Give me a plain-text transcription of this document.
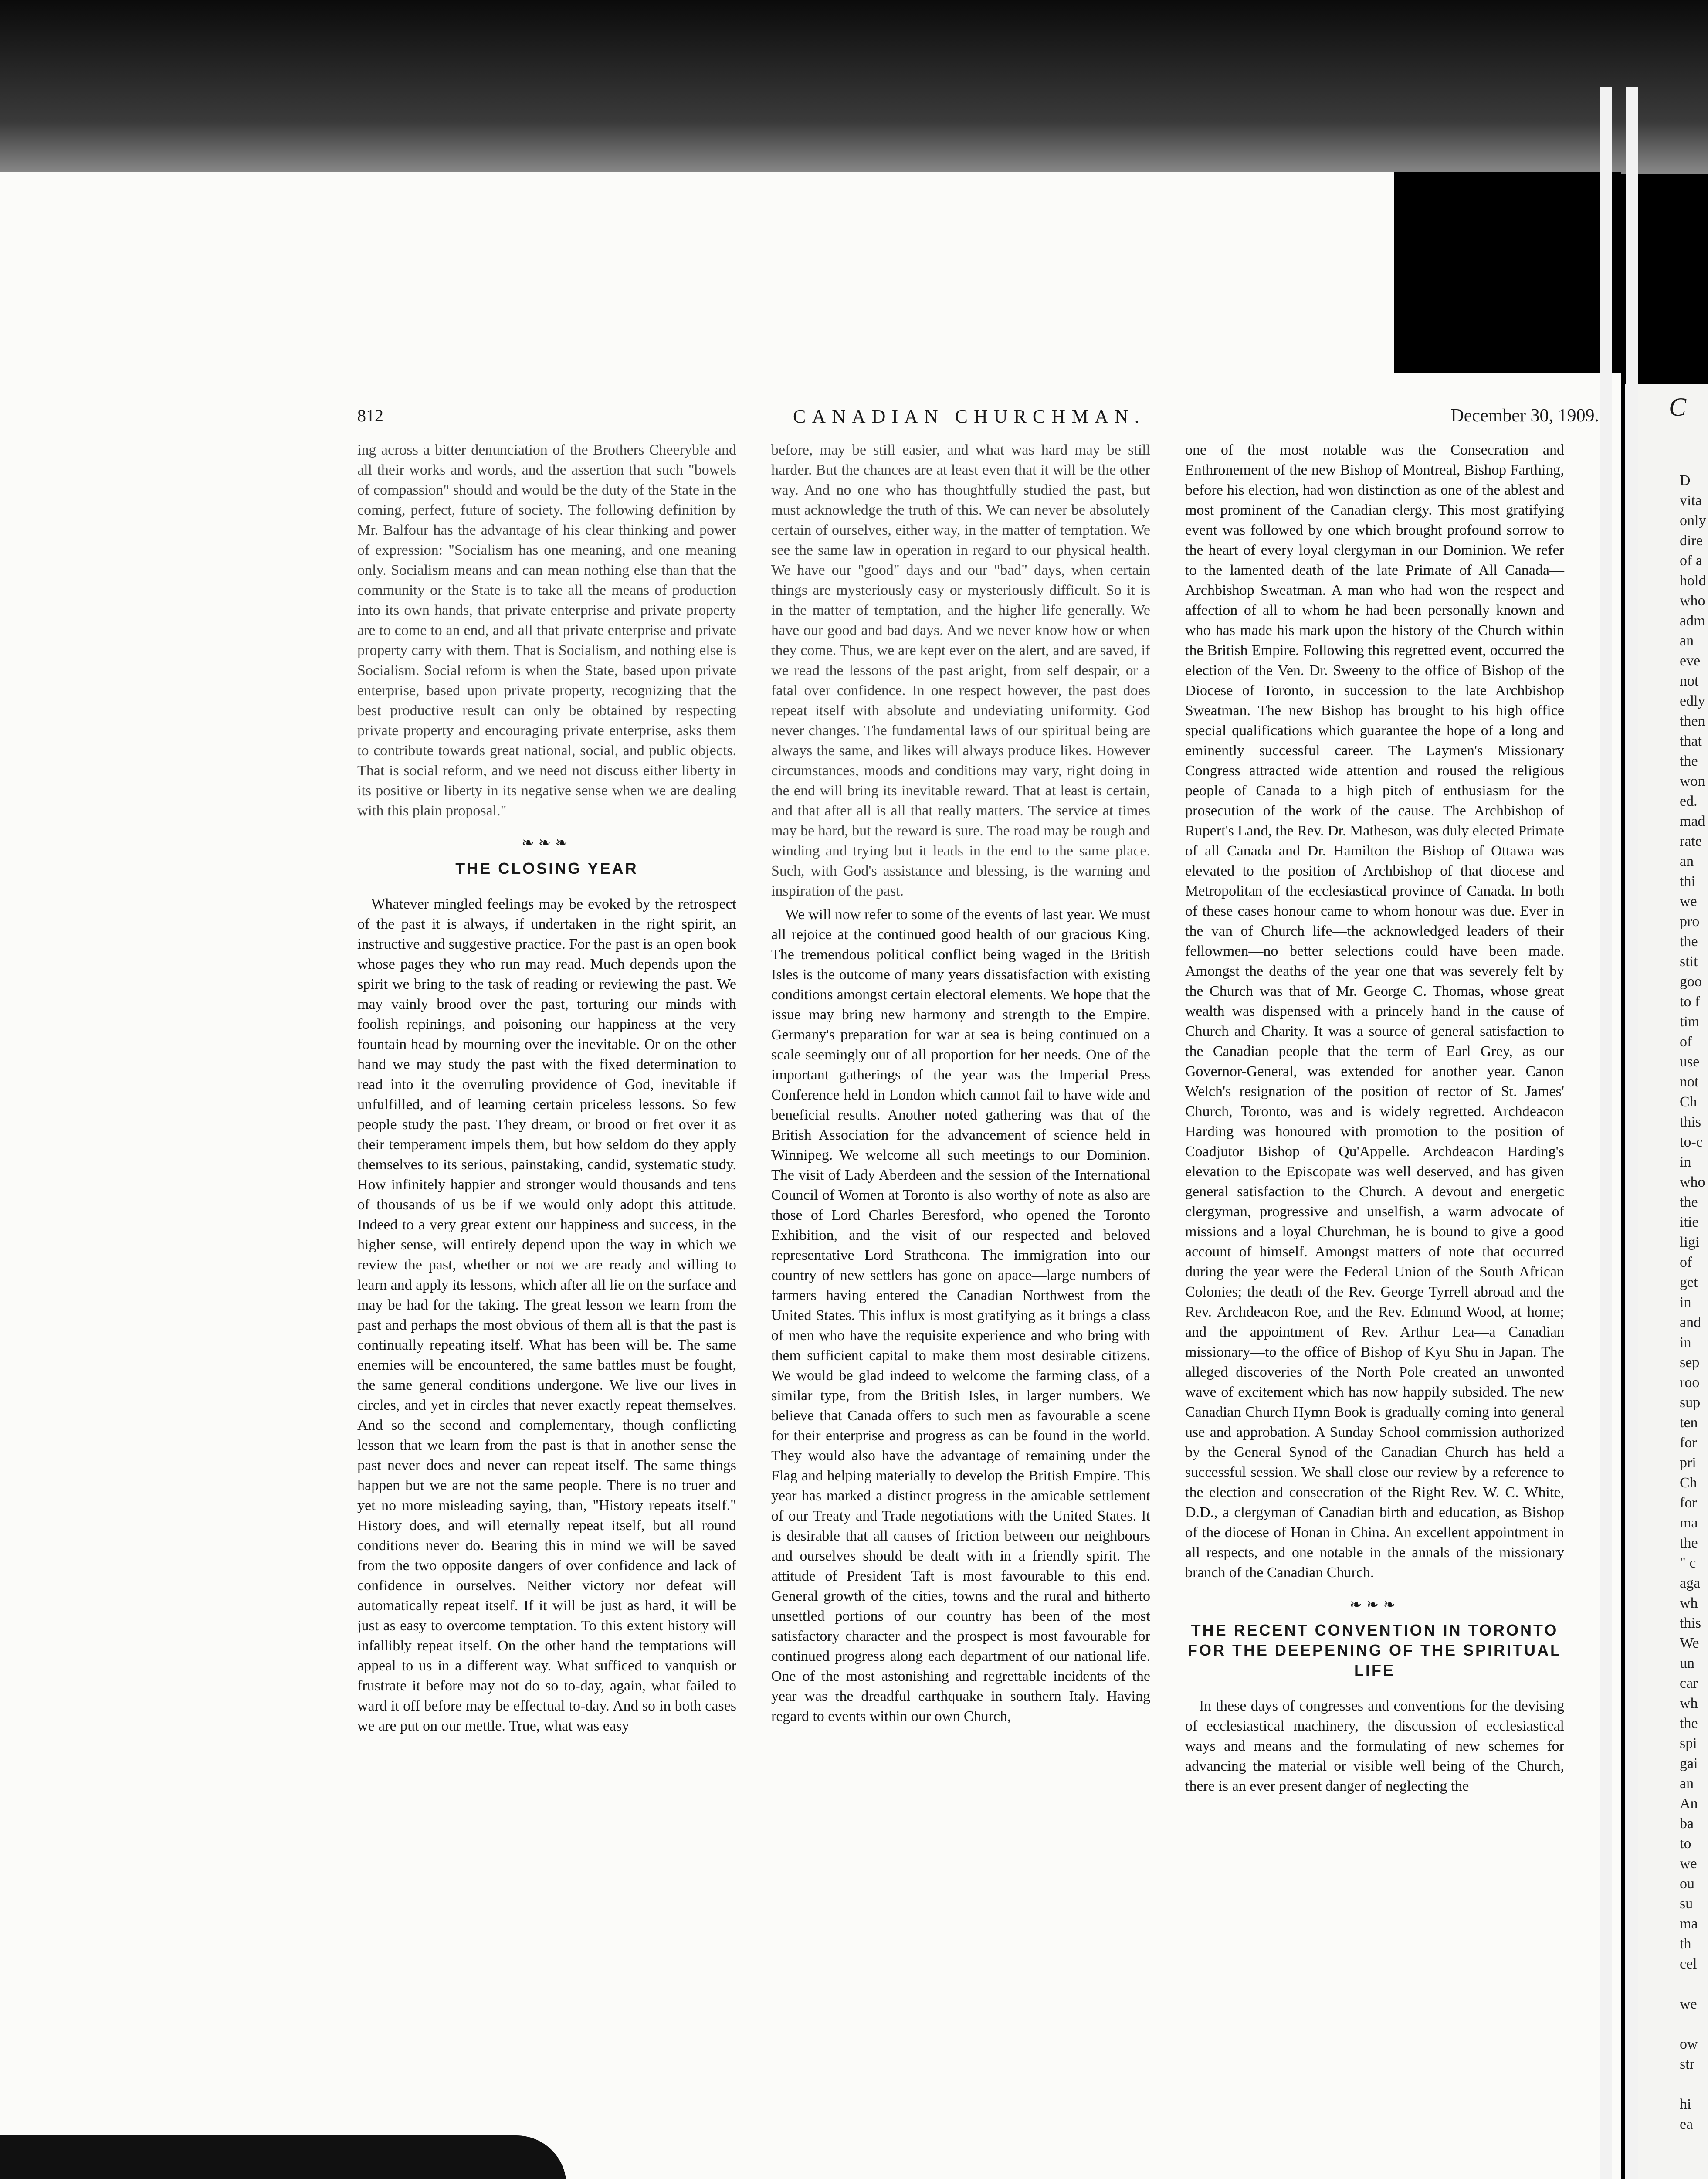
812	CANADIAN CHURCHMAN.	December 30, 1909.

ing across a bitter denunciation of the Brothers Cheeryble and all their works and words, and the assertion that such "bowels of compassion" should and would be the duty of the State in the coming, perfect, future of society. The following definition by Mr. Balfour has the advantage of his clear thinking and power of expression: "Socialism has one meaning, and one meaning only. Socialism means and can mean nothing else than that the community or the State is to take all the means of production into its own hands, that private enterprise and private property are to come to an end, and all that private enterprise and private property carry with them. That is Socialism, and nothing else is Socialism. Social reform is when the State, based upon private enterprise, based upon private property, recognizing that the best productive result can only be obtained by respecting private property and encouraging private enterprise, asks them to contribute towards great national, social, and public objects. That is social reform, and we need not discuss either liberty in its positive or liberty in its negative sense when we are dealing with this plain proposal."

❧❧❧
THE CLOSING YEAR

Whatever mingled feelings may be evoked by the retrospect of the past it is always, if undertaken in the right spirit, an instructive and suggestive practice. For the past is an open book whose pages they who run may read. Much depends upon the spirit we bring to the task of reading or reviewing the past. We may vainly brood over the past, torturing our minds with foolish repinings, and poisoning our happiness at the very fountain head by mourning over the inevitable. Or on the other hand we may study the past with the fixed determination to read into it the overruling providence of God, inevitable if unfulfilled, and of learning certain priceless lessons. So few people study the past. They dream, or brood or fret over it as their temperament impels them, but how seldom do they apply themselves to its serious, painstaking, candid, systematic study. How infinitely happier and stronger would thousands and tens of thousands of us be if we would only adopt this attitude. Indeed to a very great extent our happiness and success, in the higher sense, will entirely depend upon the way in which we review the past, whether or not we are ready and willing to learn and apply its lessons, which after all lie on the surface and may be had for the taking. The great lesson we learn from the past and perhaps the most obvious of them all is that the past is continually repeating itself. What has been will be. The same enemies will be encountered, the same battles must be fought, the same general conditions undergone. We live our lives in circles, and yet in circles that never exactly repeat themselves. And so the second and complementary, though conflicting lesson that we learn from the past is that in another sense the past never does and never can repeat itself. The same things happen but we are not the same people. There is no truer and yet no more misleading saying, than, "History repeats itself." History does, and will eternally repeat itself, but all round conditions never do. Bearing this in mind we will be saved from the two opposite dangers of over confidence and lack of confidence in ourselves. Neither victory nor defeat will automatically repeat itself. If it will be just as hard, it will be just as easy to overcome temptation. To this extent history will infallibly repeat itself. On the other hand the temptations will appeal to us in a different way. What sufficed to vanquish or frustrate it before may not do so to-day, again, what failed to ward it off before may be effectual to-day. And so in both cases we are put on our mettle. True, what was easy

before, may be still easier, and what was hard may be still harder. But the chances are at least even that it will be the other way. And no one who has thoughtfully studied the past, but must acknowledge the truth of this. We can never be absolutely certain of ourselves, either way, in the matter of temptation. We see the same law in operation in regard to our physical health. We have our "good" days and our "bad" days, when certain things are mysteriously easy or mysteriously difficult. So it is in the matter of temptation, and the higher life generally. We have our good and bad days. And we never know how or when they come. Thus, we are kept ever on the alert, and are saved, if we read the lessons of the past aright, from self despair, or a fatal over confidence. In one respect however, the past does repeat itself with absolute and undeviating uniformity. God never changes. The fundamental laws of our spiritual being are always the same, and likes will always produce likes. However circumstances, moods and conditions may vary, right doing in the end will bring its inevitable reward. That at least is certain, and that after all is all that really matters. The service at times may be hard, but the reward is sure. The road may be rough and winding and trying but it leads in the end to the same place. Such, with God's assistance and blessing, is the warning and inspiration of the past.

We will now refer to some of the events of last year. We must all rejoice at the continued good health of our gracious King. The tremendous political conflict being waged in the British Isles is the outcome of many years dissatisfaction with existing conditions amongst certain electoral elements. We hope that the issue may bring new harmony and strength to the Empire. Germany's preparation for war at sea is being continued on a scale seemingly out of all proportion for her needs. One of the important gatherings of the year was the Imperial Press Conference held in London which cannot fail to have wide and beneficial results. Another noted gathering was that of the British Association for the advancement of science held in Winnipeg. We welcome all such meetings to our Dominion. The visit of Lady Aberdeen and the session of the International Council of Women at Toronto is also worthy of note as also are those of Lord Charles Beresford, who opened the Toronto Exhibition, and the visit of our respected and beloved representative Lord Strathcona. The immigration into our country of new settlers has gone on apace—large numbers of farmers having entered the Canadian Northwest from the United States. This influx is most gratifying as it brings a class of men who have the requisite experience and who bring with them sufficient capital to make them most desirable citizens. We would be glad indeed to welcome the farming class, of a similar type, from the British Isles, in larger numbers. We believe that Canada offers to such men as favourable a scene for their enterprise and progress as can be found in the world. They would also have the advantage of remaining under the Flag and helping materially to develop the British Empire. This year has marked a distinct progress in the amicable settlement of our Treaty and Trade negotiations with the United States. It is desirable that all causes of friction between our neighbours and ourselves should be dealt with in a friendly spirit. The attitude of President Taft is most favourable to this end. General growth of the cities, towns and the rural and hitherto unsettled portions of our country has been of the most satisfactory character and the prospect is most favourable for continued progress along each department of our national life. One of the most astonishing and regrettable incidents of the year was the dreadful earthquake in southern Italy. Having regard to events within our own Church,

one of the most notable was the Consecration and Enthronement of the new Bishop of Montreal, Bishop Farthing, before his election, had won distinction as one of the ablest and most prominent of the Canadian clergy. This most gratifying event was followed by one which brought profound sorrow to the heart of every loyal clergyman in our Dominion. We refer to the lamented death of the late Primate of All Canada—Archbishop Sweatman. A man who had won the respect and affection of all to whom he had been personally known and who has made his mark upon the history of the Church within the British Empire. Following this regretted event, occurred the election of the Ven. Dr. Sweeny to the office of Bishop of the Diocese of Toronto, in succession to the late Archbishop Sweatman. The new Bishop has brought to his high office special qualifications which guarantee the hope of a long and eminently successful career. The Laymen's Missionary Congress attracted wide attention and roused the religious people of Canada to a high pitch of enthusiasm for the prosecution of the work of the cause. The Archbishop of Rupert's Land, the Rev. Dr. Matheson, was duly elected Primate of all Canada and Dr. Hamilton the Bishop of Ottawa was elevated to the position of Archbishop of that diocese and Metropolitan of the ecclesiastical province of Canada. In both of these cases honour came to whom honour was due. Ever in the van of Church life—the acknowledged leaders of their fellowmen—no better selections could have been made. Amongst the deaths of the year one that was severely felt by the Church was that of Mr. George C. Thomas, whose great wealth was dispensed with a princely hand in the cause of Church and Charity. It was a source of general satisfaction to the Canadian people that the term of Earl Grey, as our Governor-General, was extended for another year. Canon Welch's resignation of the position of rector of St. James' Church, Toronto, was and is widely regretted. Archdeacon Harding was honoured with promotion to the position of Coadjutor Bishop of Qu'Appelle. Archdeacon Harding's elevation to the Episcopate was well deserved, and has given general satisfaction to the Church. A devout and energetic clergyman, progressive and unselfish, a warm advocate of missions and a loyal Churchman, he is bound to give a good account of himself. Amongst matters of note that occurred during the year were the Federal Union of the South African Colonies; the death of the Rev. George Tyrrell abroad and the Rev. Archdeacon Roe, and the Rev. Edmund Wood, at home; and the appointment of Rev. Arthur Lea—a Canadian missionary—to the office of Bishop of Kyu Shu in Japan. The alleged discoveries of the North Pole created an unwonted wave of excitement which has now happily subsided. The new Canadian Church Hymn Book is gradually coming into general use and approbation. A Sunday School commission authorized by the General Synod of the Canadian Church has held a successful session. We shall close our review by a reference to the election and consecration of the Right Rev. W. C. White, D.D., a clergyman of Canadian birth and education, as Bishop of the diocese of Honan in China. An excellent appointment in all respects, and one notable in the annals of the missionary branch of the Canadian Church.

❧❧❧
THE RECENT CONVENTION IN TORONTO FOR THE DEEPENING OF THE SPIRITUAL LIFE

In these days of congresses and conventions for the devising of ecclesiastical machinery, the discussion of ecclesiastical ways and means and the formulating of new schemes for advancing the material or visible well being of the Church, there is an ever present danger of neglecting the

C
D
vita
only
dire
of a
hold
who
adm
an
eve
not
edly
then
that
the
won
ed.
mad
rate
an
thi
we
pro
the
stit
goo
to f
tim
of
use
not
Ch
this
to-c
in
who
the
itie
ligi
of
get
in
and
in
sep
roo
sup
ten
for
pri
Ch
for
ma
the
" c
aga
wh
this
We
un
car
wh
the
spi
gai
an
An
ba
to
we
ou
su
ma
th
cel
we
ow
str
hi
ea
